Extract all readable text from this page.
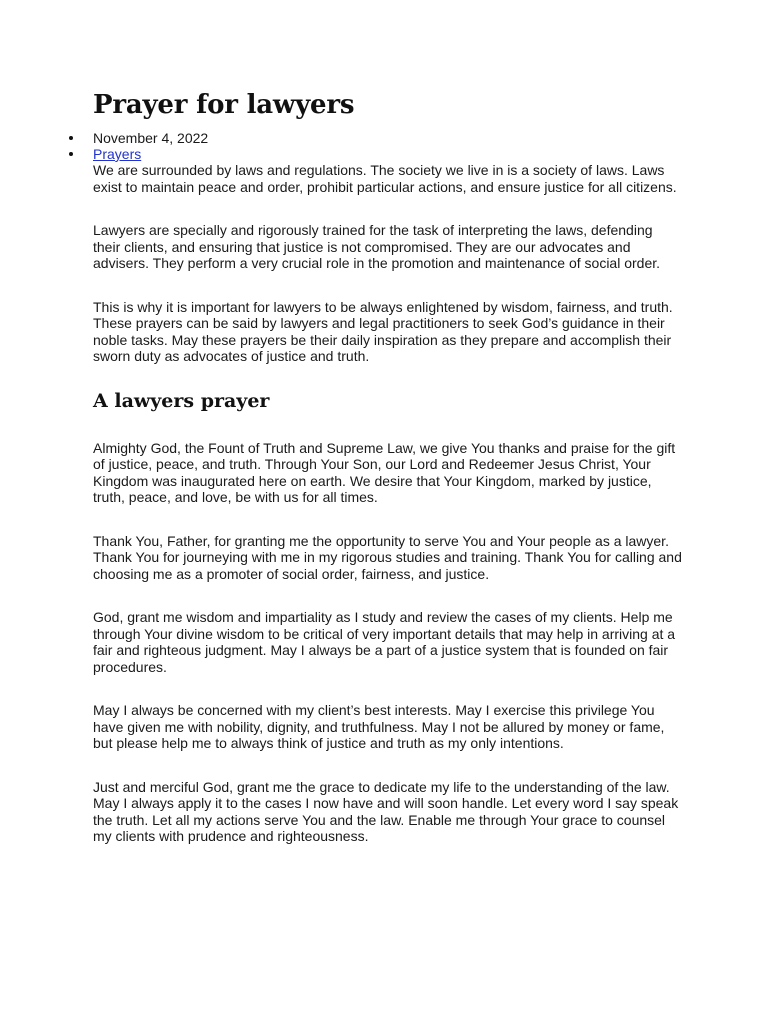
Prayer for lawyers
November 4, 2022
Prayers

We are surrounded by laws and regulations. The society we live in is a society of laws. Laws exist to maintain peace and order, prohibit particular actions, and ensure justice for all citizens.

Lawyers are specially and rigorously trained for the task of interpreting the laws, defending their clients, and ensuring that justice is not compromised. They are our advocates and advisers. They perform a very crucial role in the promotion and maintenance of social order.

This is why it is important for lawyers to be always enlightened by wisdom, fairness, and truth. These prayers can be said by lawyers and legal practitioners to seek God’s guidance in their noble tasks. May these prayers be their daily inspiration as they prepare and accomplish their sworn duty as advocates of justice and truth.

A lawyers prayer

Almighty God, the Fount of Truth and Supreme Law, we give You thanks and praise for the gift of justice, peace, and truth. Through Your Son, our Lord and Redeemer Jesus Christ, Your Kingdom was inaugurated here on earth. We desire that Your Kingdom, marked by justice, truth, peace, and love, be with us for all times.

Thank You, Father, for granting me the opportunity to serve You and Your people as a lawyer. Thank You for journeying with me in my rigorous studies and training. Thank You for calling and choosing me as a promoter of social order, fairness, and justice.

God, grant me wisdom and impartiality as I study and review the cases of my clients. Help me through Your divine wisdom to be critical of very important details that may help in arriving at a fair and righteous judgment. May I always be a part of a justice system that is founded on fair procedures.

May I always be concerned with my client’s best interests. May I exercise this privilege You have given me with nobility, dignity, and truthfulness. May I not be allured by money or fame, but please help me to always think of justice and truth as my only intentions.

Just and merciful God, grant me the grace to dedicate my life to the understanding of the law. May I always apply it to the cases I now have and will soon handle. Let every word I say speak the truth. Let all my actions serve You and the law. Enable me through Your grace to counsel my clients with prudence and righteousness.
